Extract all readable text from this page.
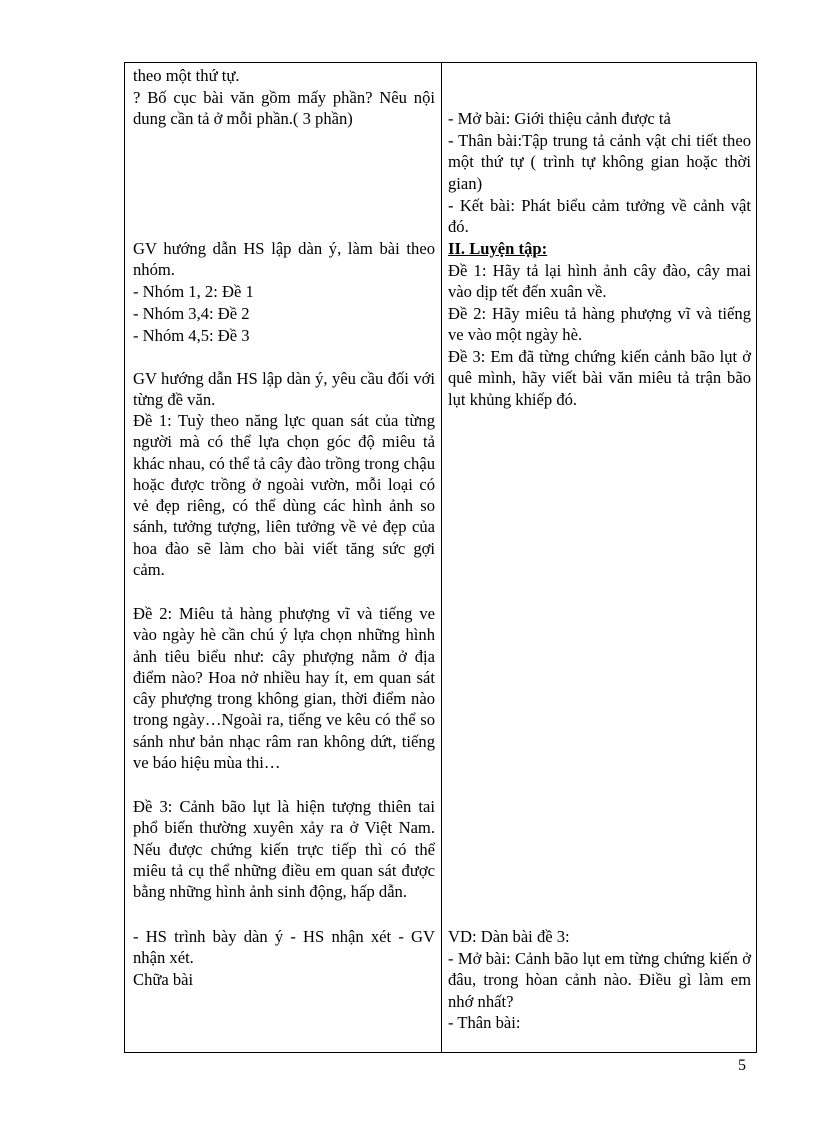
theo một thứ tự.

? Bố cục bài văn gồm mấy phần? Nêu nội dung cần tả ở mỗi phần.( 3 phần)

GV hướng dẫn HS lập dàn ý, làm bài theo nhóm.

- Nhóm 1, 2: Đề 1

- Nhóm 3,4: Đề 2

- Nhóm 4,5: Đề 3

GV hướng dẫn HS lập dàn ý, yêu cầu đối với từng đề văn.

Đề 1: Tuỳ theo năng lực quan sát của từng người mà có thể lựa chọn góc độ miêu tả khác nhau, có thể tả cây đào trồng trong chậu hoặc được trồng ở ngoài vườn, mỗi loại có vẻ đẹp riêng, có thể dùng các hình ảnh so sánh, tưởng tượng, liên tưởng về vẻ đẹp của hoa đào sẽ làm cho bài viết tăng sức gợi cảm.

Đề 2: Miêu tả hàng phượng vĩ và tiếng ve vào ngày hè cần chú ý lựa chọn những hình ảnh tiêu biểu như: cây phượng nằm ở địa điểm nào? Hoa nở nhiều hay ít, em quan sát cây phượng trong không gian, thời điểm nào trong ngày…Ngoài ra, tiếng ve kêu có thể so sánh như bản nhạc râm ran không dứt, tiếng ve báo hiệu mùa thi…

Đề 3: Cảnh bão lụt là hiện tượng thiên tai phổ biến thường xuyên xảy ra ở Việt Nam. Nếu được chứng kiến trực tiếp thì có thể miêu tả cụ thể những điều em quan sát được bằng những hình ảnh sinh động, hấp dẫn.

- HS trình bày dàn ý - HS nhận xét - GV nhận xét.

Chữa bài

- Mở bài: Giới thiệu cảnh được tả

- Thân bài:Tập trung tả cảnh vật chi tiết theo một thứ tự ( trình tự không gian hoặc thời gian)

- Kết bài: Phát biểu cảm tưởng về cảnh vật đó.

II. Luyện tập:

Đề 1: Hãy tả lại hình ảnh cây đào, cây mai vào dịp tết đến xuân về.

Đề 2: Hãy miêu tả hàng phượng vĩ và tiếng ve vào một ngày hè.

Đề 3: Em đã từng chứng kiến cảnh bão lụt ở quê mình, hãy viết bài văn miêu tả trận bão lụt khủng khiếp đó.

VD: Dàn bài đề 3:

- Mở bài: Cảnh bão lụt em từng chứng kiến ở đâu, trong hòan cảnh nào. Điều gì làm em nhớ nhất?

- Thân bài:

5
